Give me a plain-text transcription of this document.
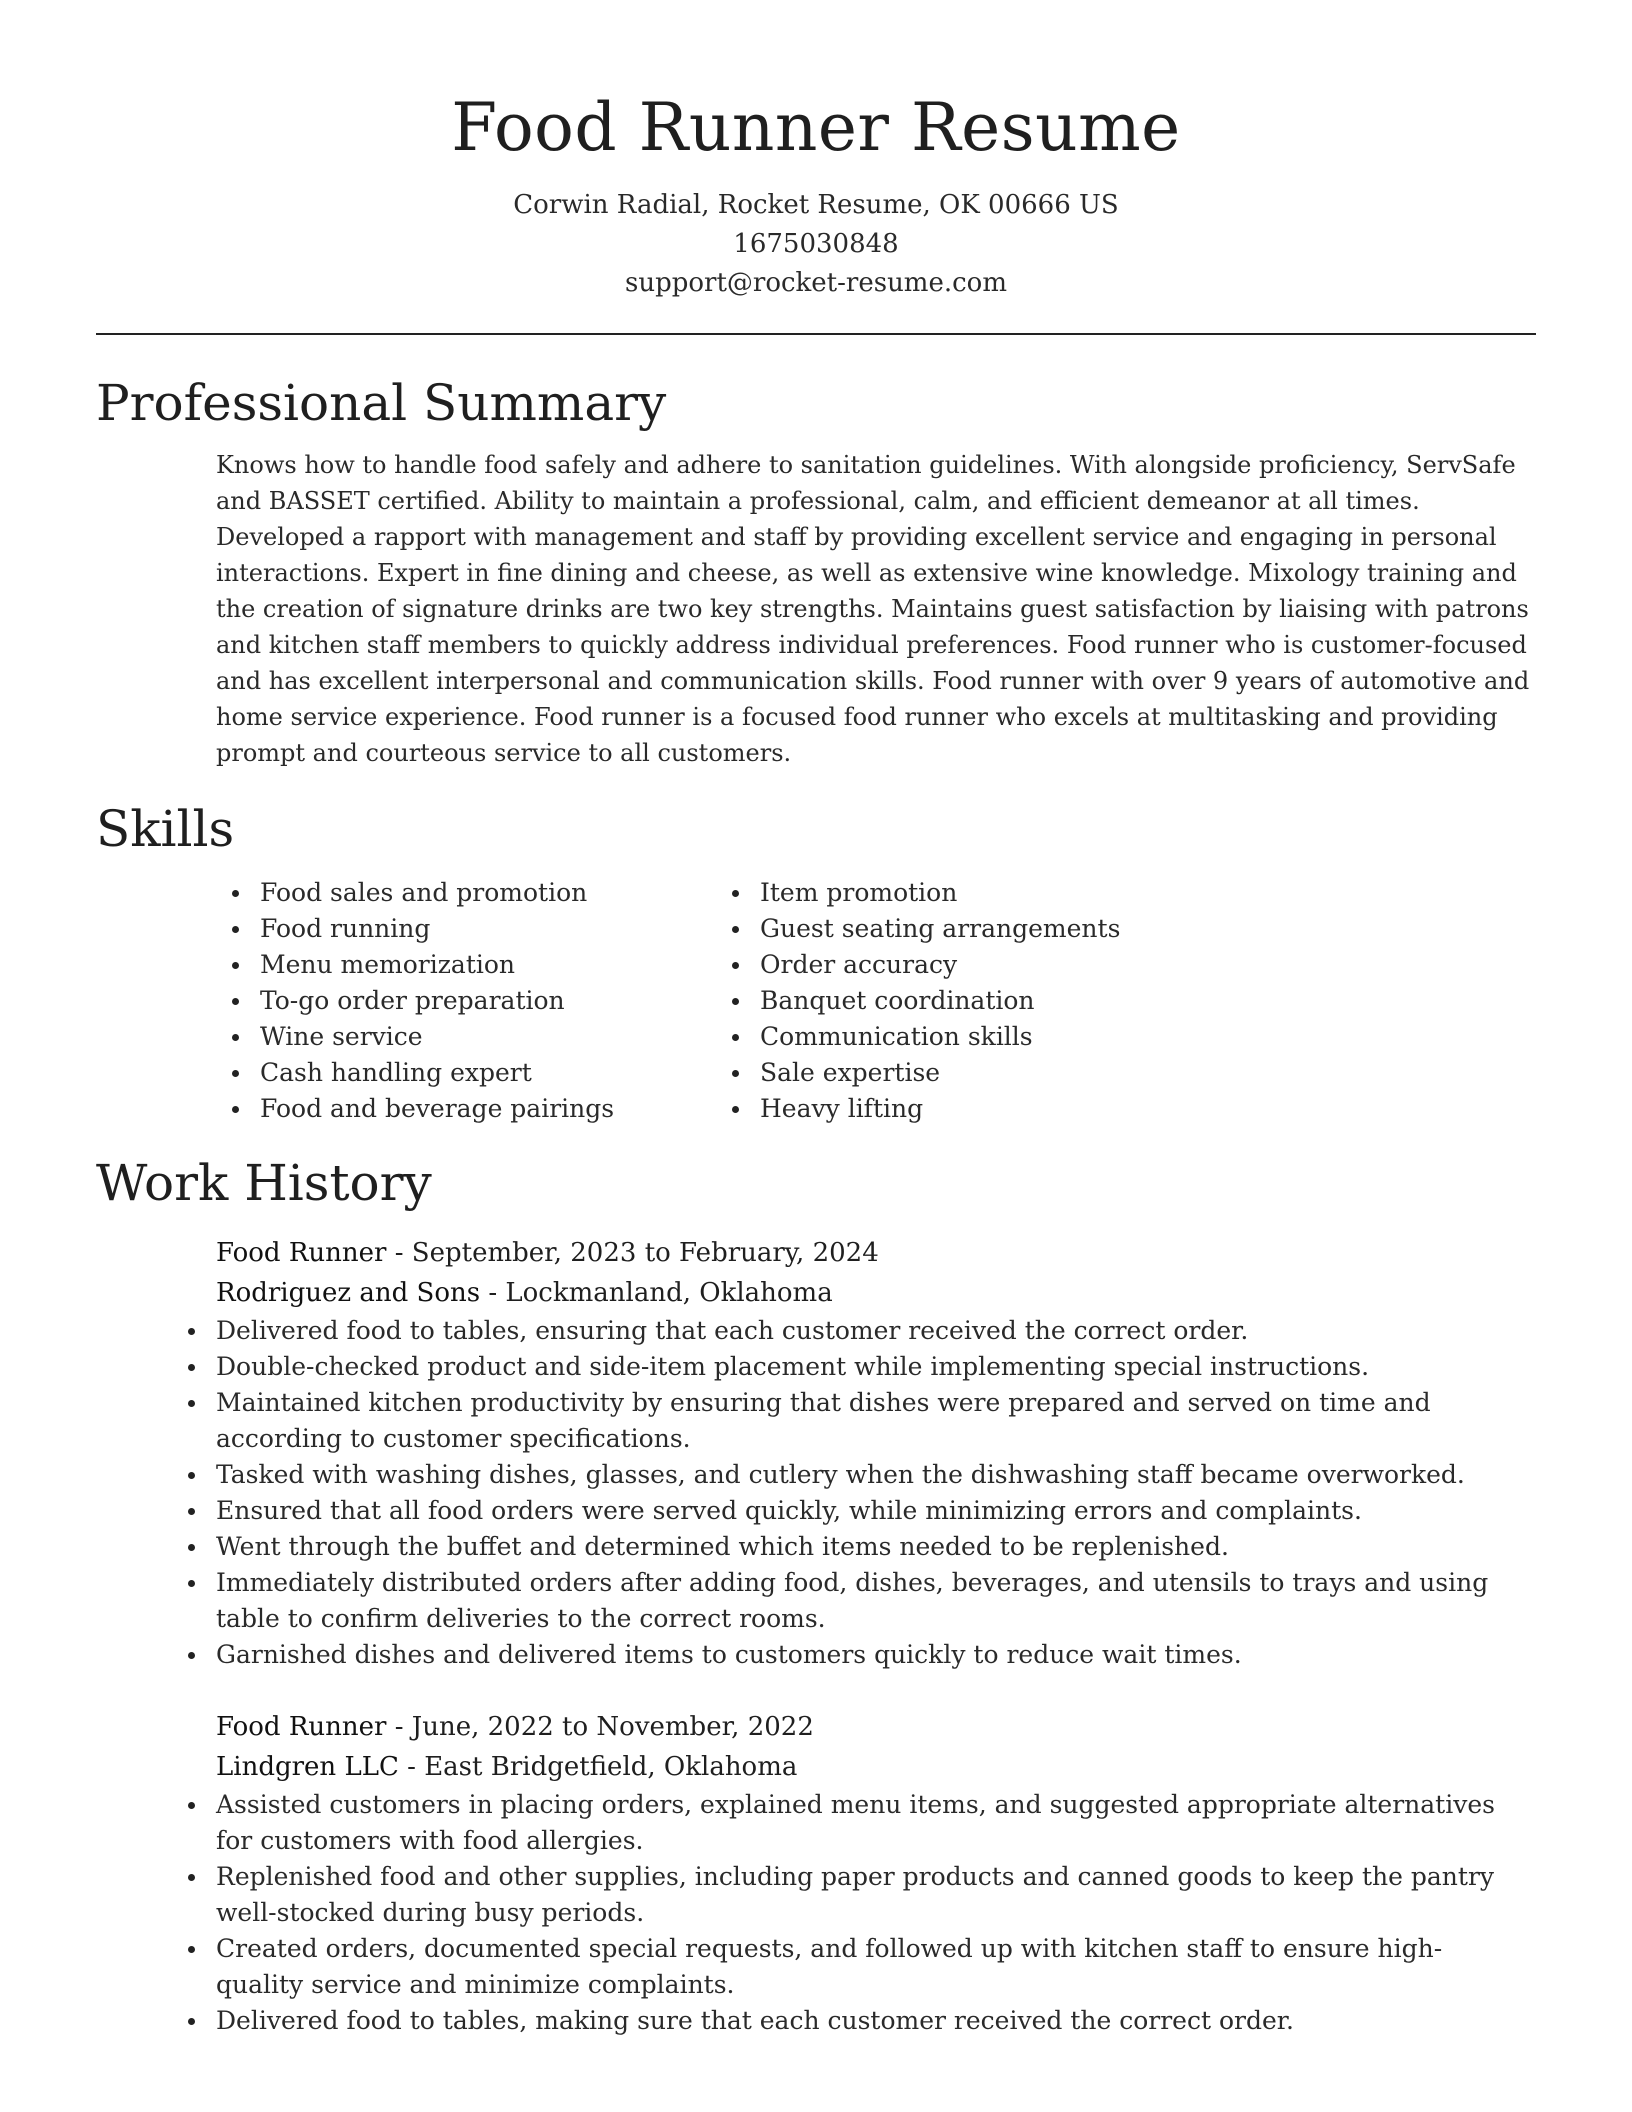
Food Runner Resume
Corwin Radial, Rocket Resume, OK 00666 US
1675030848
support@rocket-resume.com
Professional Summary

Knows how to handle food safely and adhere to sanitation guidelines. With alongside proficiency, ServSafe and BASSET certified. Ability to maintain a professional, calm, and efficient demeanor at all times. Developed a rapport with management and staff by providing excellent service and engaging in personal interactions. Expert in fine dining and cheese, as well as extensive wine knowledge. Mixology training and the creation of signature drinks are two key strengths. Maintains guest satisfaction by liaising with patrons and kitchen staff members to quickly address individual preferences. Food runner who is customer-focused and has excellent interpersonal and communication skills. Food runner with over 9 years of automotive and home service experience. Food runner is a focused food runner who excels at multitasking and providing prompt and courteous service to all customers.

Skills
Food sales and promotion
Food running
Menu memorization
To-go order preparation
Wine service
Cash handling expert
Food and beverage pairings
Item promotion
Guest seating arrangements
Order accuracy
Banquet coordination
Communication skills
Sale expertise
Heavy lifting
Work History
Food Runner - September, 2023 to February, 2024
Rodriguez and Sons - Lockmanland, Oklahoma
Delivered food to tables, ensuring that each customer received the correct order.
Double-checked product and side-item placement while implementing special instructions.
Maintained kitchen productivity by ensuring that dishes were prepared and served on time and according to customer specifications.
Tasked with washing dishes, glasses, and cutlery when the dishwashing staff became overworked.
Ensured that all food orders were served quickly, while minimizing errors and complaints.
Went through the buffet and determined which items needed to be replenished.
Immediately distributed orders after adding food, dishes, beverages, and utensils to trays and using table to confirm deliveries to the correct rooms.
Garnished dishes and delivered items to customers quickly to reduce wait times.
Food Runner - June, 2022 to November, 2022
Lindgren LLC - East Bridgetfield, Oklahoma
Assisted customers in placing orders, explained menu items, and suggested appropriate alternatives for customers with food allergies.
Replenished food and other supplies, including paper products and canned goods to keep the pantry well-stocked during busy periods.
Created orders, documented special requests, and followed up with kitchen staff to ensure high-quality service and minimize complaints.
Delivered food to tables, making sure that each customer received the correct order.
